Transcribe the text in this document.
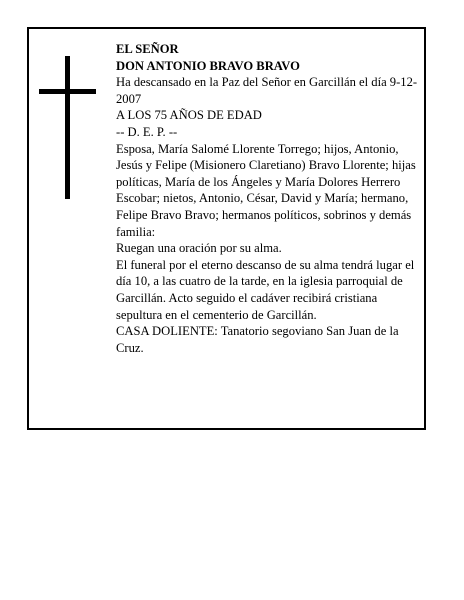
EL SEÑOR

DON ANTONIO BRAVO BRAVO

Ha descansado en la Paz del Señor en Garcillán el día 9-12-2007

A LOS 75 AÑOS DE EDAD

-- D. E. P. --

Esposa, María Salomé Llorente Torrego; hijos, Antonio, Jesús y Felipe (Misionero Claretiano) Bravo Llorente; hijas políticas, María de los Ángeles y María Dolores Herrero Escobar; nietos, Antonio, César, David y María; hermano, Felipe Bravo Bravo; hermanos políticos, sobrinos y demás familia:

Ruegan una oración por su alma.

El funeral por el eterno descanso de su alma tendrá lugar el día 10, a las cuatro de la tarde, en la iglesia parroquial de Garcillán. Acto seguido el cadáver recibirá cristiana sepultura en el cementerio de Garcillán.

CASA DOLIENTE: Tanatorio segoviano San Juan de la Cruz.
